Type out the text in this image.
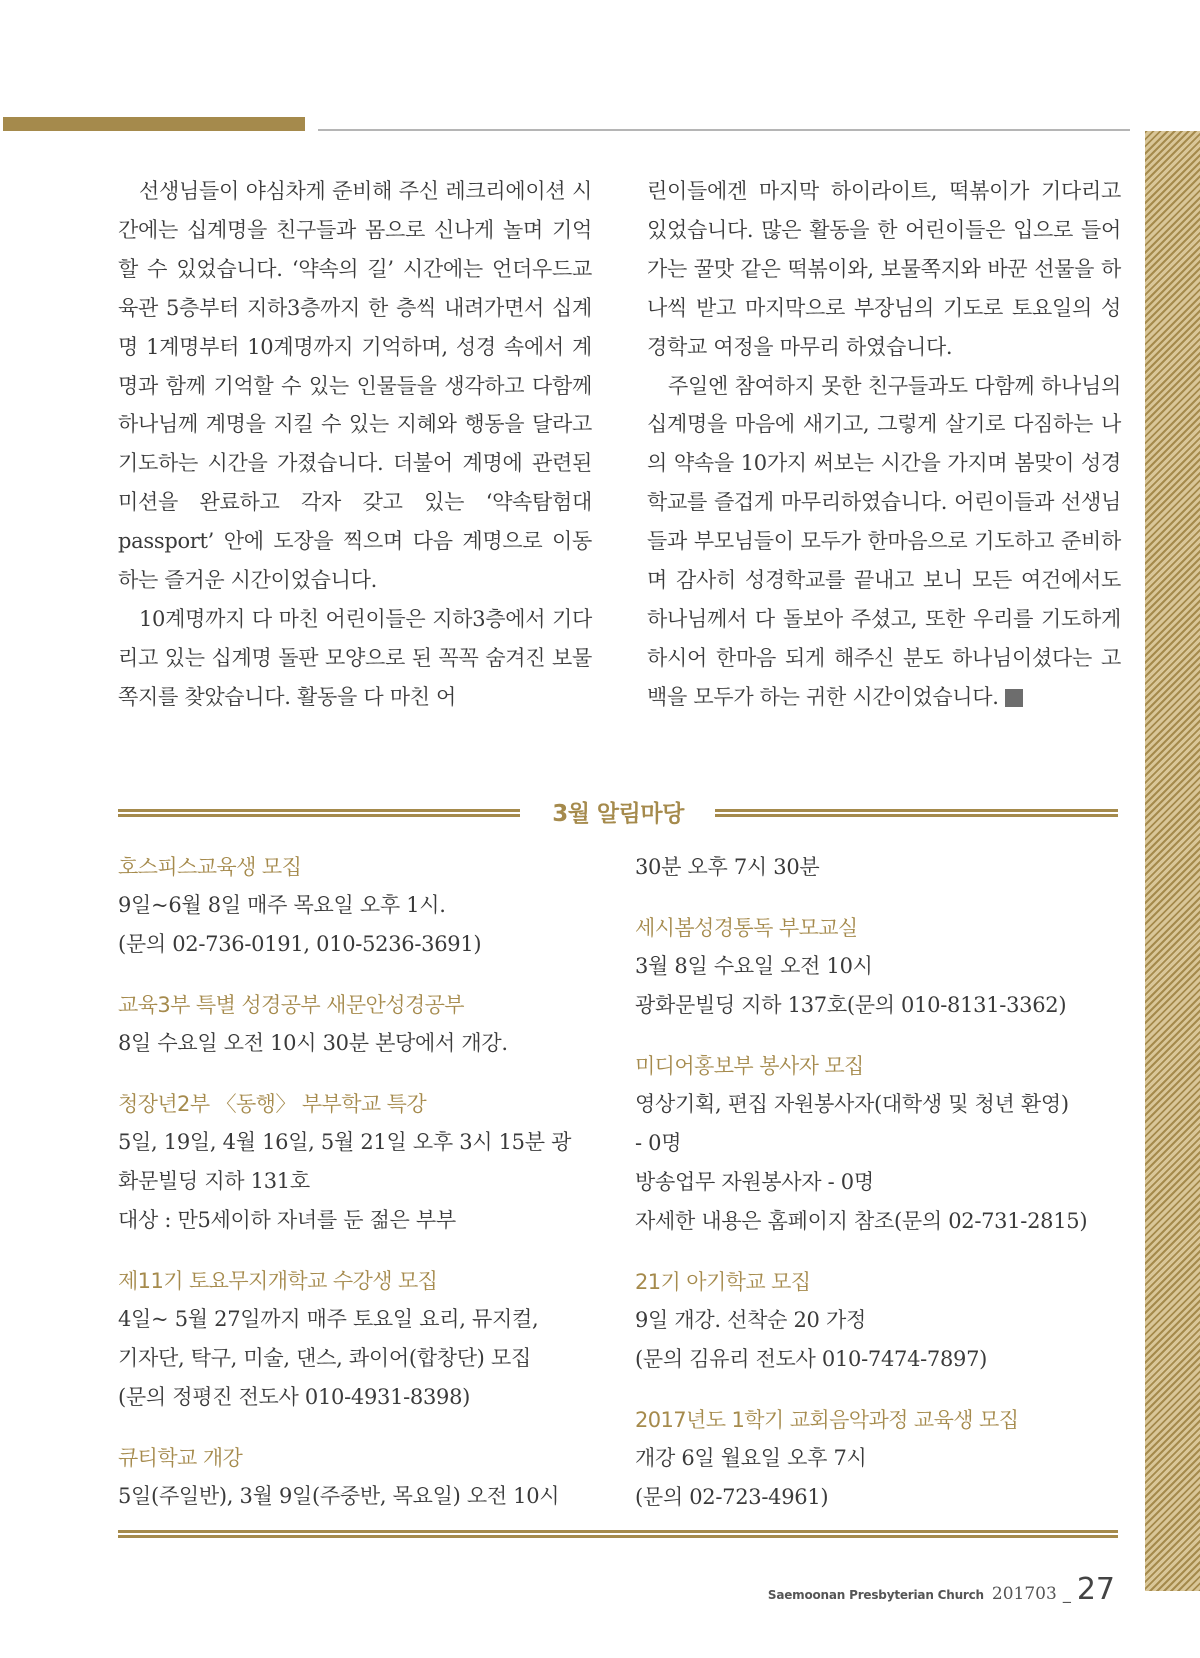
선생님들이 야심차게 준비해 주신 레크리에이션 시간에는 십계명을 친구들과 몸으로 신나게 놀며 기억할 수 있었습니다. ‘약속의 길’ 시간에는 언더우드교육관 5층부터 지하3층까지 한 층씩 내려가면서 십계명 1계명부터 10계명까지 기억하며, 성경 속에서 계명과 함께 기억할 수 있는 인물들을 생각하고 다함께 하나님께 계명을 지킬 수 있는 지혜와 행동을 달라고 기도하는 시간을 가졌습니다. 더불어 계명에 관련된 미션을 완료하고 각자 갖고 있는 ‘약속탐험대 passport’ 안에 도장을 찍으며 다음 계명으로 이동하는 즐거운 시간이었습니다.

10계명까지 다 마친 어린이들은 지하3층에서 기다리고 있는 십계명 돌판 모양으로 된 꼭꼭 숨겨진 보물쪽지를 찾았습니다. 활동을 다 마친 어

린이들에겐 마지막 하이라이트, 떡볶이가 기다리고 있었습니다. 많은 활동을 한 어린이들은 입으로 들어가는 꿀맛 같은 떡볶이와, 보물쪽지와 바꾼 선물을 하나씩 받고 마지막으로 부장님의 기도로 토요일의 성경학교 여정을 마무리 하였습니다.

주일엔 참여하지 못한 친구들과도 다함께 하나님의 십계명을 마음에 새기고, 그렇게 살기로 다짐하는 나의 약속을 10가지 써보는 시간을 가지며 봄맞이 성경학교를 즐겁게 마무리하였습니다. 어린이들과 선생님들과 부모님들이 모두가 한마음으로 기도하고 준비하며 감사히 성경학교를 끝내고 보니 모든 여건에서도 하나님께서 다 돌보아 주셨고, 또한 우리를 기도하게 하시어 한마음 되게 해주신 분도 하나님이셨다는 고백을 모두가 하는 귀한 시간이었습니다. 새

3월 알림마당
호스피스교육생 모집
9일~6월 8일 매주 목요일 오후 1시.
(문의 02-736-0191, 010-5236-3691)
교육3부 특별 성경공부 새문안성경공부
8일 수요일 오전 10시 30분 본당에서 개강.
청장년2부 〈동행〉 부부학교 특강
5일, 19일, 4월 16일, 5월 21일 오후 3시 15분 광
화문빌딩 지하 131호
대상 : 만5세이하 자녀를 둔 젊은 부부
제11기 토요무지개학교 수강생 모집
4일~ 5월 27일까지 매주 토요일 요리, 뮤지컬,
기자단, 탁구, 미술, 댄스, 콰이어(합창단) 모집
(문의 정평진 전도사 010-4931-8398)
큐티학교 개강
5일(주일반), 3월 9일(주중반, 목요일) 오전 10시
30분 오후 7시 30분
세시봄성경통독 부모교실
3월 8일 수요일 오전 10시
광화문빌딩 지하 137호(문의 010-8131-3362)
미디어홍보부 봉사자 모집
영상기획, 편집 자원봉사자(대학생 및 청년 환영)
- 0명
방송업무 자원봉사자 - 0명
자세한 내용은 홈페이지 참조(문의 02-731-2815)
21기 아기학교 모집
9일 개강. 선착순 20 가정
(문의 김유리 전도사 010-7474-7897)
2017년도 1학기 교회음악과정 교육생 모집
개강 6일 월요일 오후 7시
(문의 02-723-4961)
Saemoonan Presbyterian Church 201703 _ 27
